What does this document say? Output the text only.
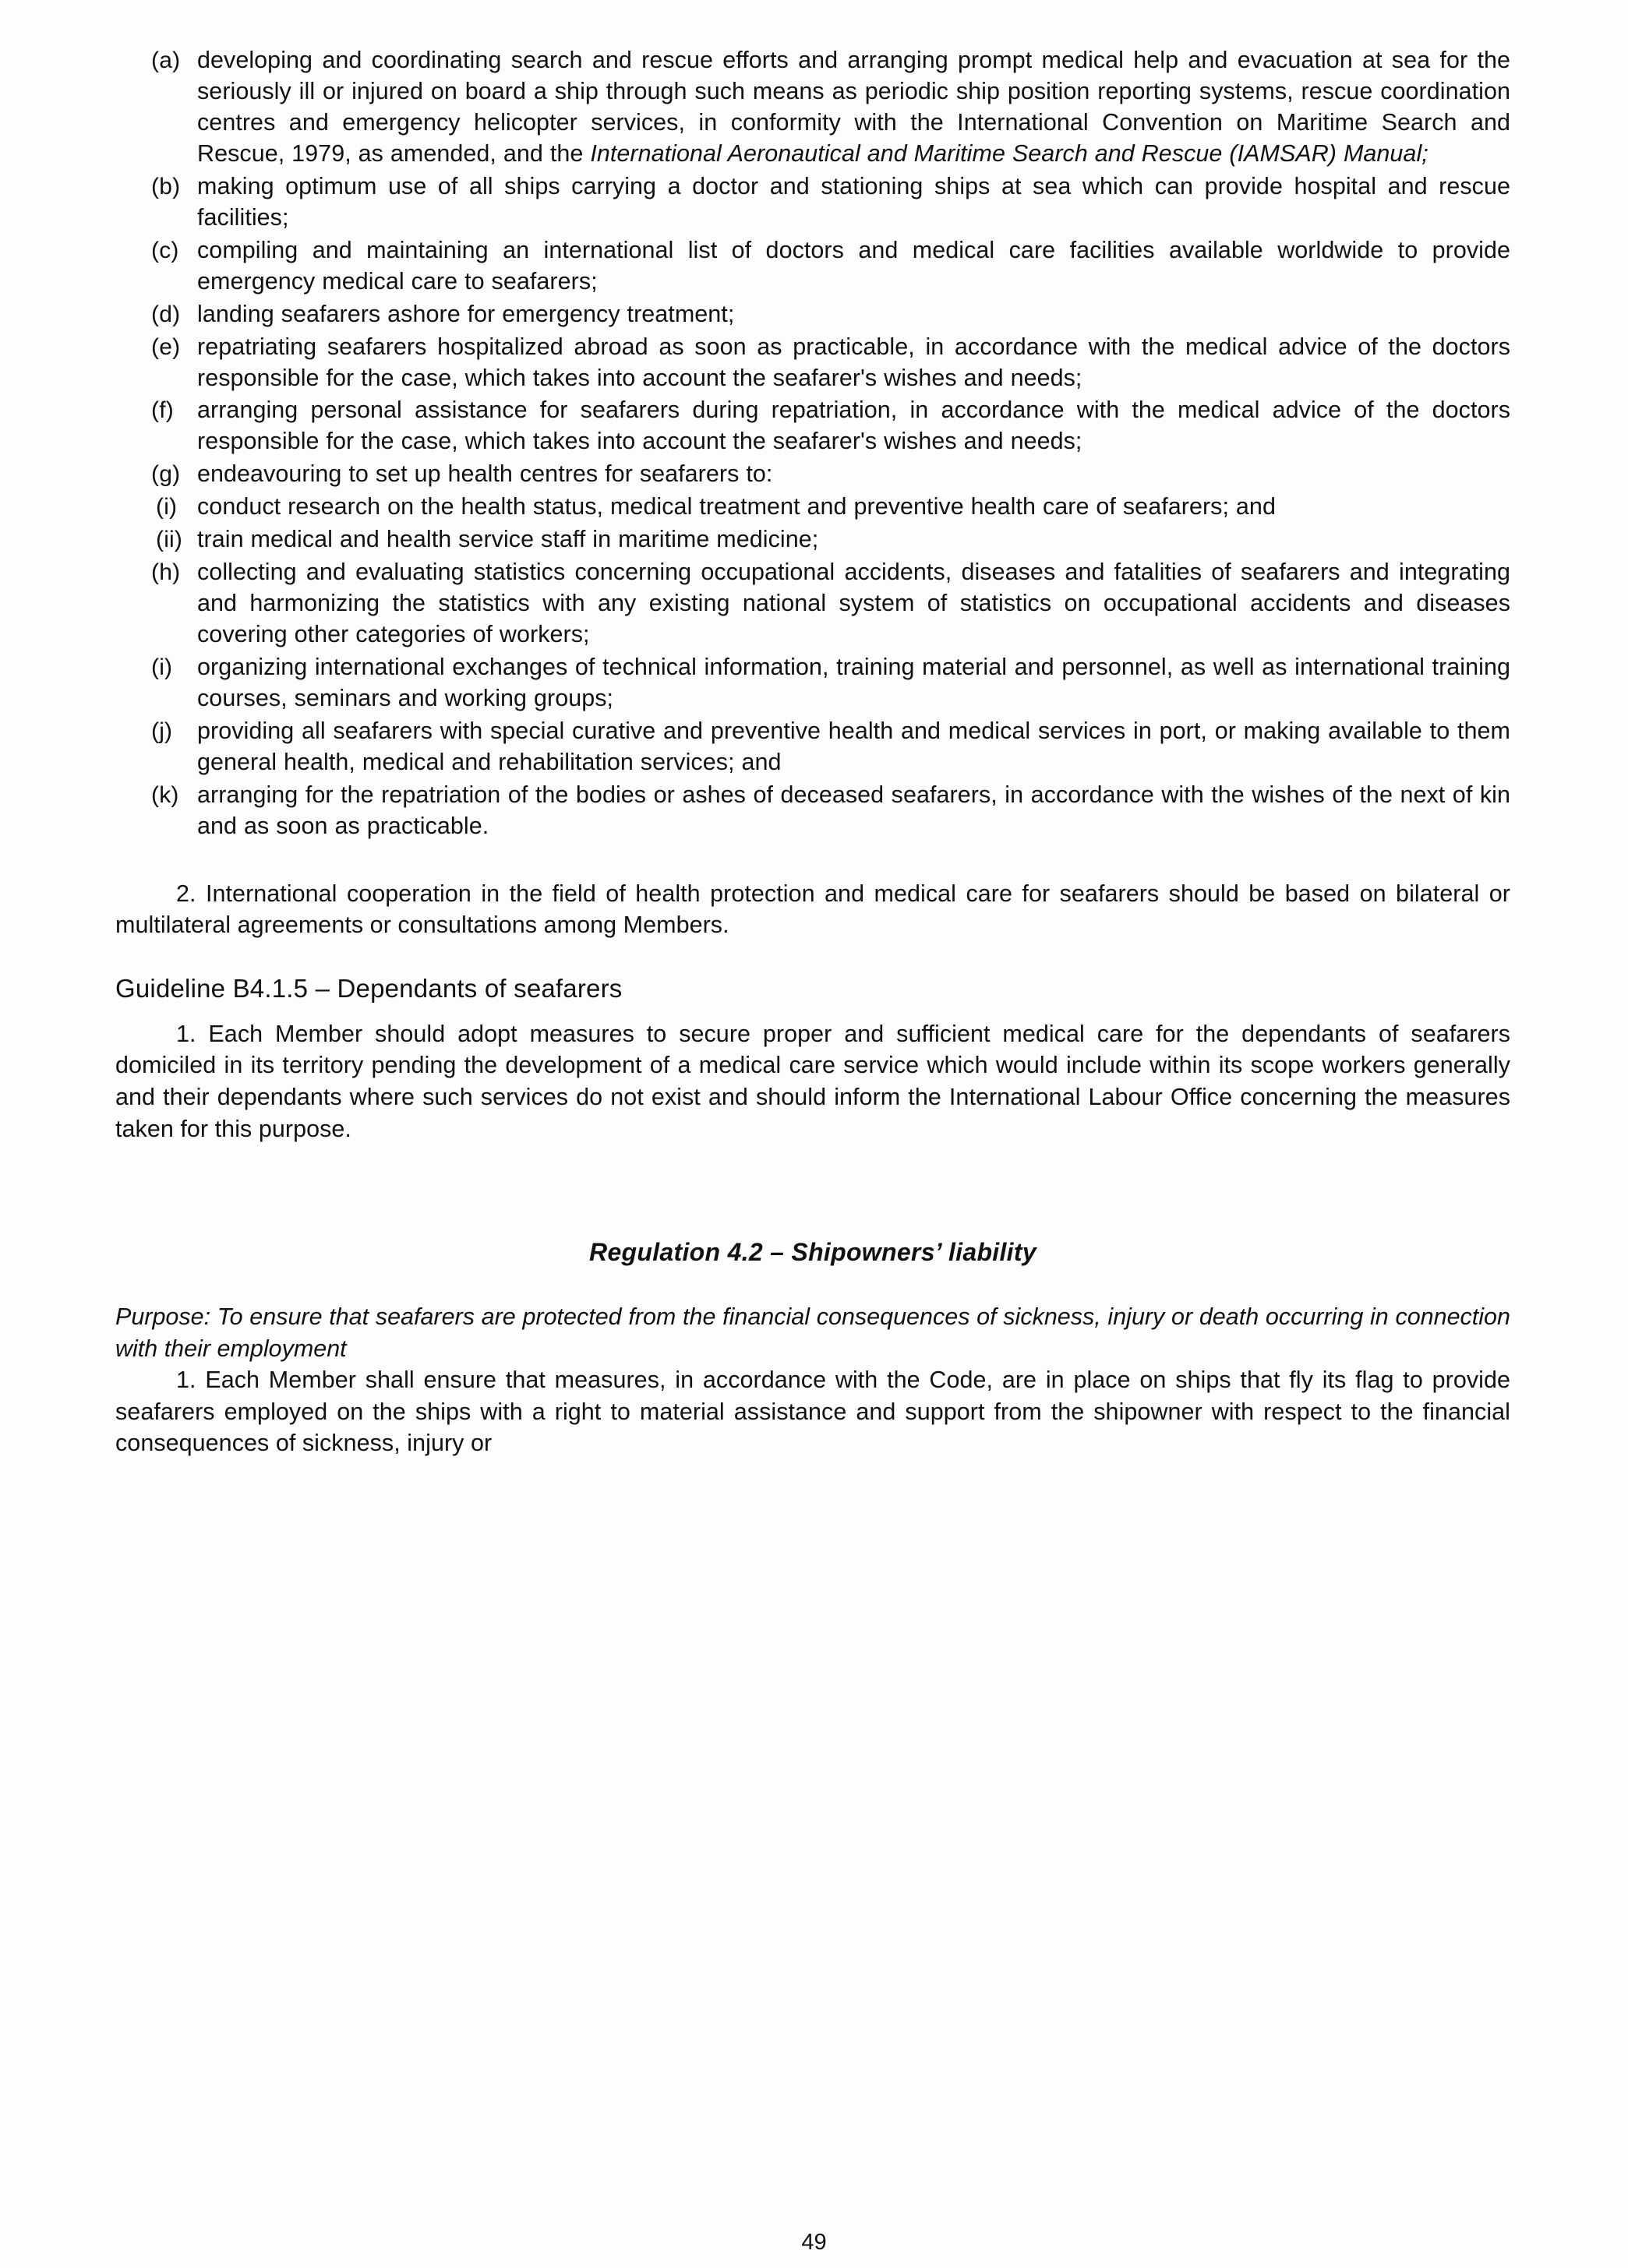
(a) developing and coordinating search and rescue efforts and arranging prompt medical help and evacuation at sea for the seriously ill or injured on board a ship through such means as periodic ship position reporting systems, rescue coordination centres and emergency helicopter services, in conformity with the International Convention on Maritime Search and Rescue, 1979, as amended, and the International Aeronautical and Maritime Search and Rescue (IAMSAR) Manual;
(b) making optimum use of all ships carrying a doctor and stationing ships at sea which can provide hospital and rescue facilities;
(c) compiling and maintaining an international list of doctors and medical care facilities available worldwide to provide emergency medical care to seafarers;
(d) landing seafarers ashore for emergency treatment;
(e) repatriating seafarers hospitalized abroad as soon as practicable, in accordance with the medical advice of the doctors responsible for the case, which takes into account the seafarer's wishes and needs;
(f) arranging personal assistance for seafarers during repatriation, in accordance with the medical advice of the doctors responsible for the case, which takes into account the seafarer's wishes and needs;
(g) endeavouring to set up health centres for seafarers to:
(i) conduct research on the health status, medical treatment and preventive health care of seafarers; and
(ii) train medical and health service staff in maritime medicine;
(h) collecting and evaluating statistics concerning occupational accidents, diseases and fatalities of seafarers and integrating and harmonizing the statistics with any existing national system of statistics on occupational accidents and diseases covering other categories of workers;
(i)	organizing international exchanges of technical information, training material and personnel, as well as international training courses, seminars and working groups;
(j)	providing all seafarers with special curative and preventive health and medical services in port, or making available to them general health, medical and rehabilitation services; and
(k) arranging for the repatriation of the bodies or ashes of deceased seafarers, in accordance with the wishes of the next of kin and as soon as practicable.
2. International cooperation in the field of health protection and medical care for seafarers should be based on bilateral or multilateral agreements or consultations among Members.
Guideline B4.1.5 – Dependants of seafarers
1. Each Member should adopt measures to secure proper and sufficient medical care for the dependants of seafarers domiciled in its territory pending the development of a medical care service which would include within its scope workers generally and their dependants where such services do not exist and should inform the International Labour Office concerning the measures taken for this purpose.
Regulation 4.2 – Shipowners’ liability
Purpose: To ensure that seafarers are protected from the financial consequences of sickness, injury or death occurring in connection with their employment
1. Each Member shall ensure that measures, in accordance with the Code, are in place on ships that fly its flag to provide seafarers employed on the ships with a right to material assistance and support from the shipowner with respect to the financial consequences of sickness, injury or
49
